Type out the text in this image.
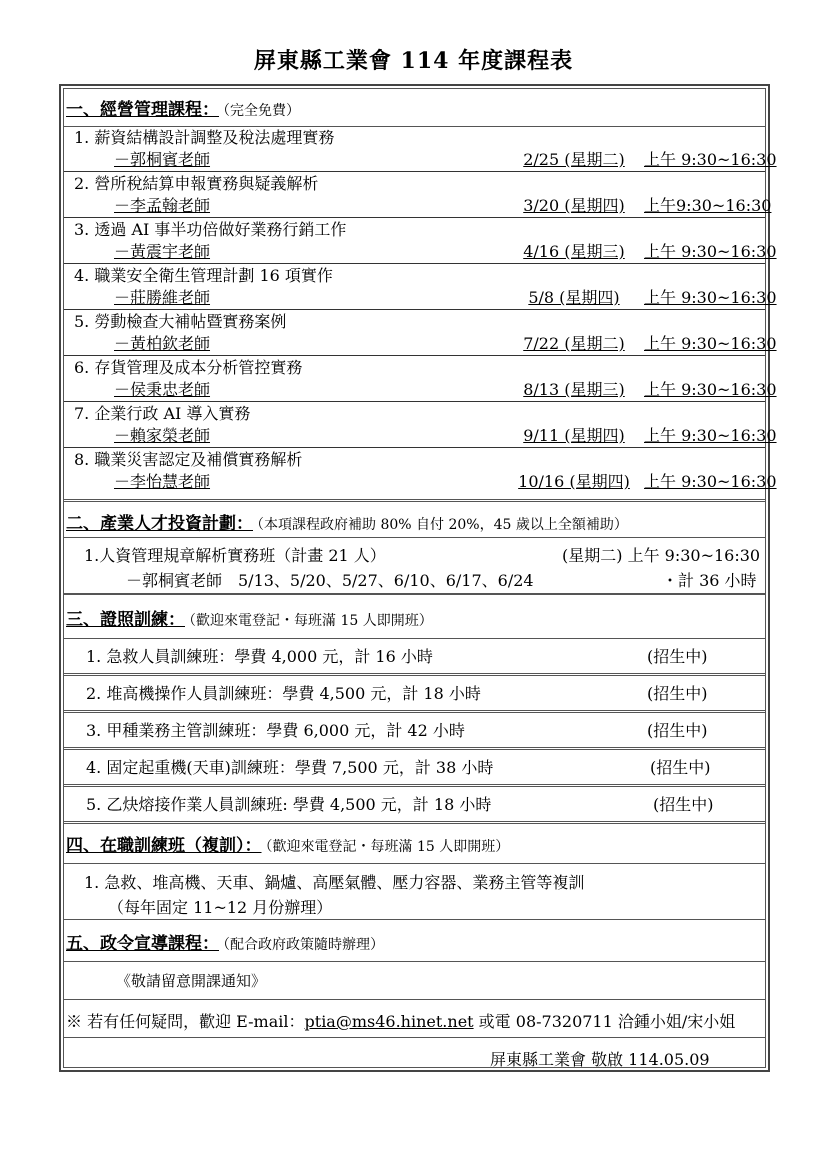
屏東縣工業會 114 年度課程表
一、經營管理課程： （完全免費）
1. 薪資結構設計調整及稅法處理實務
－郭桐賓老師	2/25 (星期二)	上午 9:30~16:30
2. 營所稅結算申報實務與疑義解析
－李孟翰老師	3/20 (星期四)	上午9:30~16:30
3. 透過 AI 事半功倍做好業務行銷工作
－黃震宇老師	4/16 (星期三)	上午 9:30~16:30
4. 職業安全衛生管理計劃 16 項實作
－莊勝維老師	5/8 (星期四)	上午 9:30~16:30
5. 勞動檢查大補帖暨實務案例
－黃柏欽老師	7/22 (星期二)	上午 9:30~16:30
6. 存貨管理及成本分析管控實務
－侯秉忠老師	8/13 (星期三)	上午 9:30~16:30
7. 企業行政 AI 導入實務
－賴家榮老師	9/11 (星期四)	上午 9:30~16:30
8. 職業災害認定及補償實務解析
－李怡慧老師	10/16 (星期四) 上午 9:30~16:30
二、產業人才投資計劃： （本項課程政府補助 80% 自付 20%，45 歲以上全額補助）
1.人資管理規章解析實務班（計畫 21 人）	(星期二) 上午 9:30~16:30
－郭桐賓老師　5/13、5/20、5/27、6/10、6/17、6/24	・計 36 小時
三、證照訓練： （歡迎來電登記・每班滿 15 人即開班）
1. 急救人員訓練班：學費 4,000 元，計 16 小時	(招生中)
2. 堆高機操作人員訓練班：學費 4,500 元，計 18 小時	(招生中)
3. 甲種業務主管訓練班：學費 6,000 元，計 42 小時	(招生中)
4. 固定起重機(天車)訓練班：學費 7,500 元，計 38 小時	(招生中)
5. 乙炔熔接作業人員訓練班: 學費 4,500 元，計 18 小時	(招生中)
四、在職訓練班（複訓）： （歡迎來電登記・每班滿 15 人即開班）
1. 急救、堆高機、天車、鍋爐、高壓氣體、壓力容器、業務主管等複訓
（每年固定 11~12 月份辦理）
五、政令宣導課程： （配合政府政策隨時辦理）
《敬請留意開課通知》
※ 若有任何疑問，歡迎 E-mail：ptia@ms46.hinet.net 或電 08-7320711 洽鍾小姐/宋小姐
屏東縣工業會 敬啟 114.05.09
